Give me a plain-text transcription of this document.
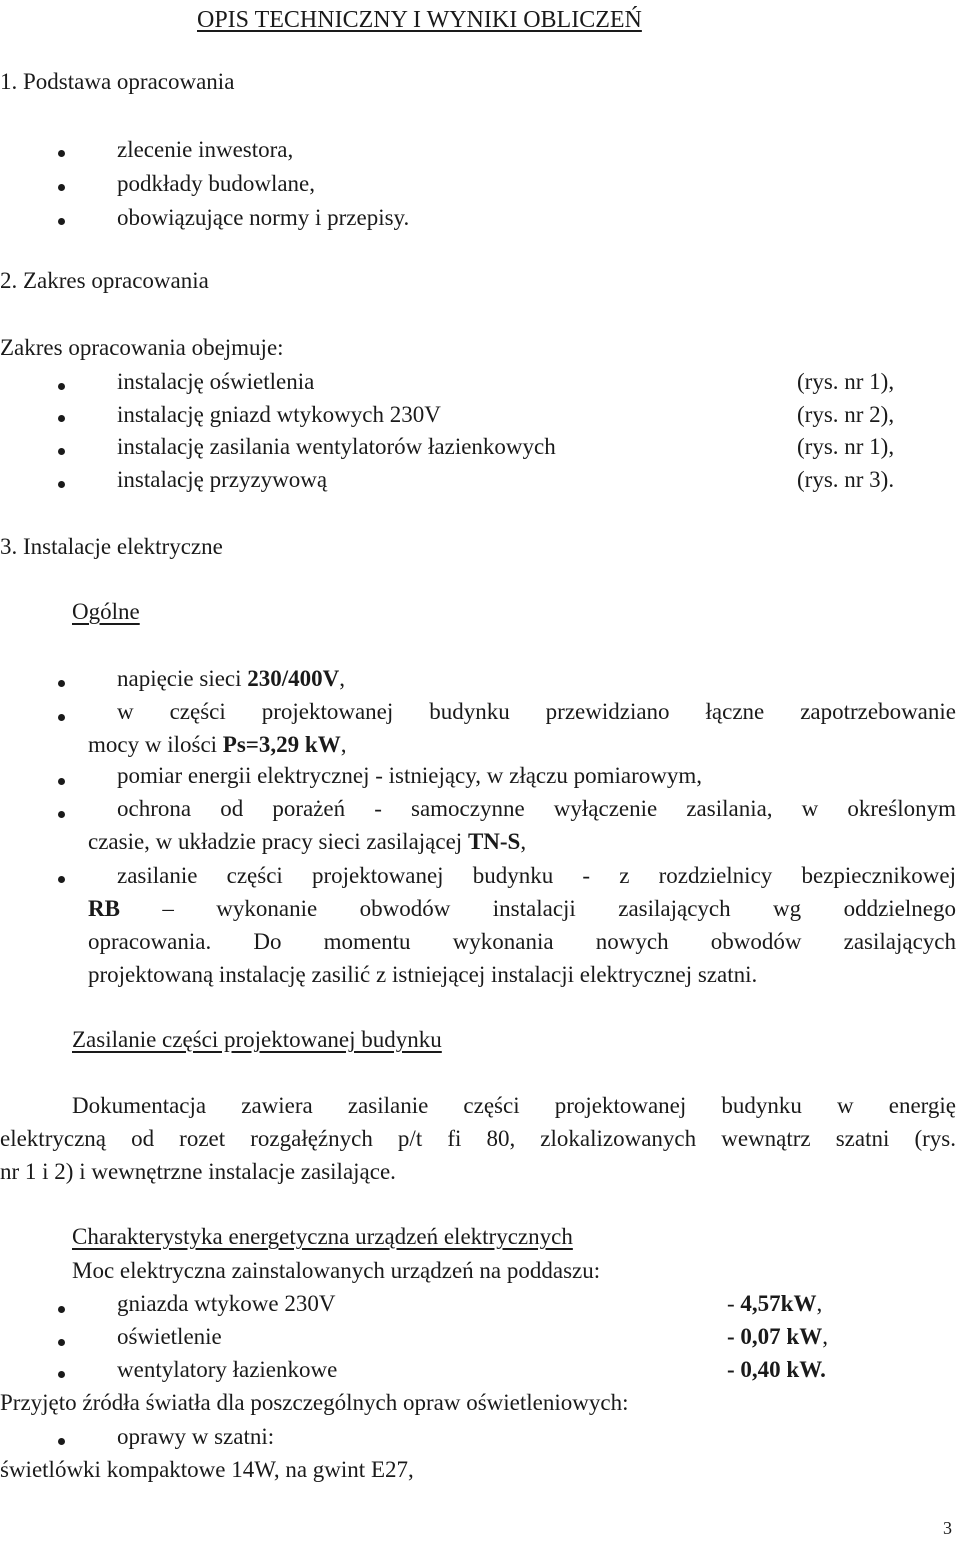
OPIS TECHNICZNY I WYNIKI OBLICZEŃ
1. Podstawa opracowania
zlecenie inwestora,
podkłady budowlane,
obowiązujące normy i przepisy.
2. Zakres opracowania
Zakres opracowania obejmuje:
instalację oświetlenia	(rys. nr 1),
instalację gniazd wtykowych 230V	(rys. nr 2),
instalację zasilania wentylatorów łazienkowych	(rys. nr 1),
instalację przyzywową	(rys. nr 3).
3. Instalacje elektryczne
Ogólne
napięcie sieci 230/400V,
w części projektowanej budynku przewidziano łączne zapotrzebowanie
mocy w ilości Ps=3,29 kW,
pomiar energii elektrycznej - istniejący, w złączu pomiarowym,
ochrona od porażeń - samoczynne wyłączenie zasilania, w określonym
czasie, w układzie pracy sieci zasilającej TN-S,
zasilanie części projektowanej budynku - z rozdzielnicy bezpiecznikowej
RB – wykonanie obwodów instalacji zasilających wg oddzielnego
opracowania. Do momentu wykonania nowych obwodów zasilających
projektowaną instalację zasilić z istniejącej instalacji elektrycznej szatni.
Zasilanie części projektowanej budynku
Dokumentacja zawiera zasilanie części projektowanej budynku w energię
elektryczną od rozet rozgałęźnych p/t fi 80, zlokalizowanych wewnątrz szatni (rys.
nr 1 i 2) i wewnętrzne instalacje zasilające.
Charakterystyka energetyczna urządzeń elektrycznych
Moc elektryczna zainstalowanych urządzeń na poddaszu:
gniazda wtykowe 230V	- 4,57kW,
oświetlenie	- 0,07 kW,
wentylatory łazienkowe	- 0,40 kW.
Przyjęto źródła światła dla poszczególnych opraw oświetleniowych:
oprawy w szatni:
świetlówki kompaktowe 14W, na gwint E27,
3
